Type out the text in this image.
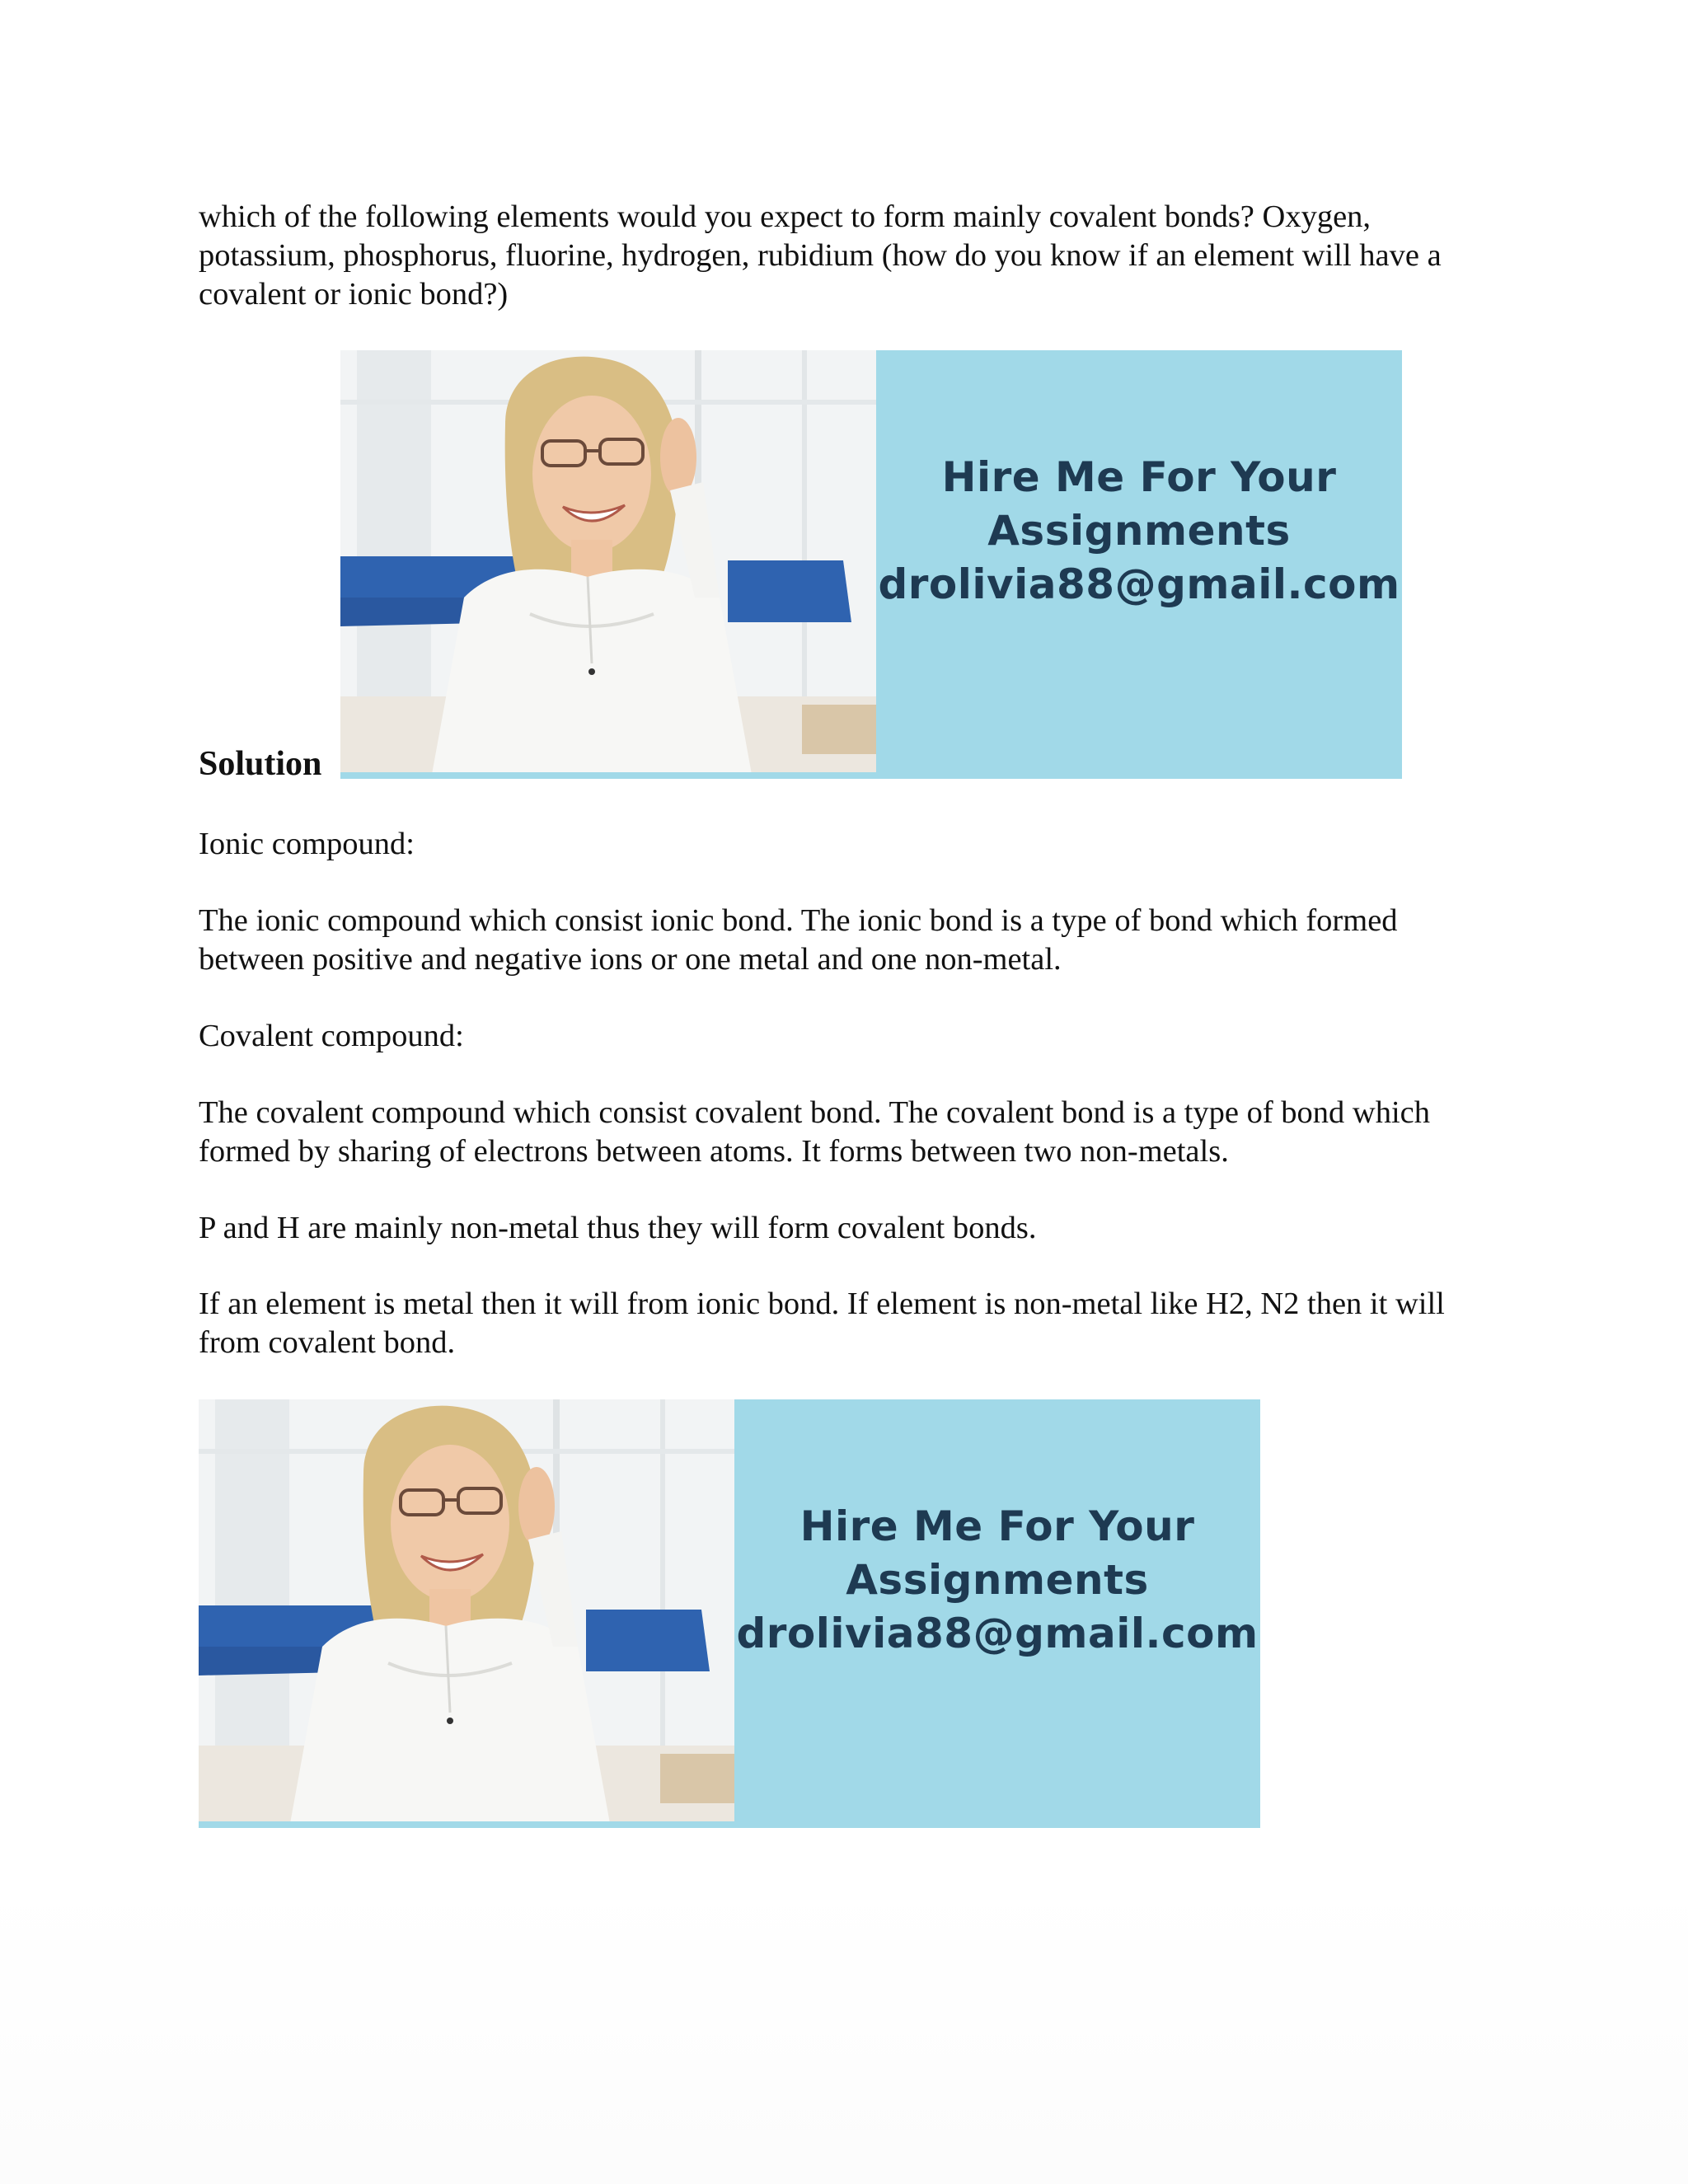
which of the following elements would you expect to form mainly covalent bonds? Oxygen, potassium, phosphorus, fluorine, hydrogen, rubidium (how do you know if an element will have a covalent or ionic bond?)

Solution
Hire Me For Your
Assignments
drolivia88@gmail.com

Ionic compound:

The ionic compound which consist ionic bond. The ionic bond is a type of bond which formed between positive and negative ions or one metal and one non-metal.

Covalent compound:

The covalent compound which consist covalent bond. The covalent bond is a type of bond which formed by sharing of electrons between atoms. It forms between two non-metals.

P and H are mainly non-metal thus they will form covalent bonds.

If an element is metal then it will from ionic bond. If element is non-metal like H2, N2 then it will from covalent bond.

Hire Me For Your
Assignments
drolivia88@gmail.com
